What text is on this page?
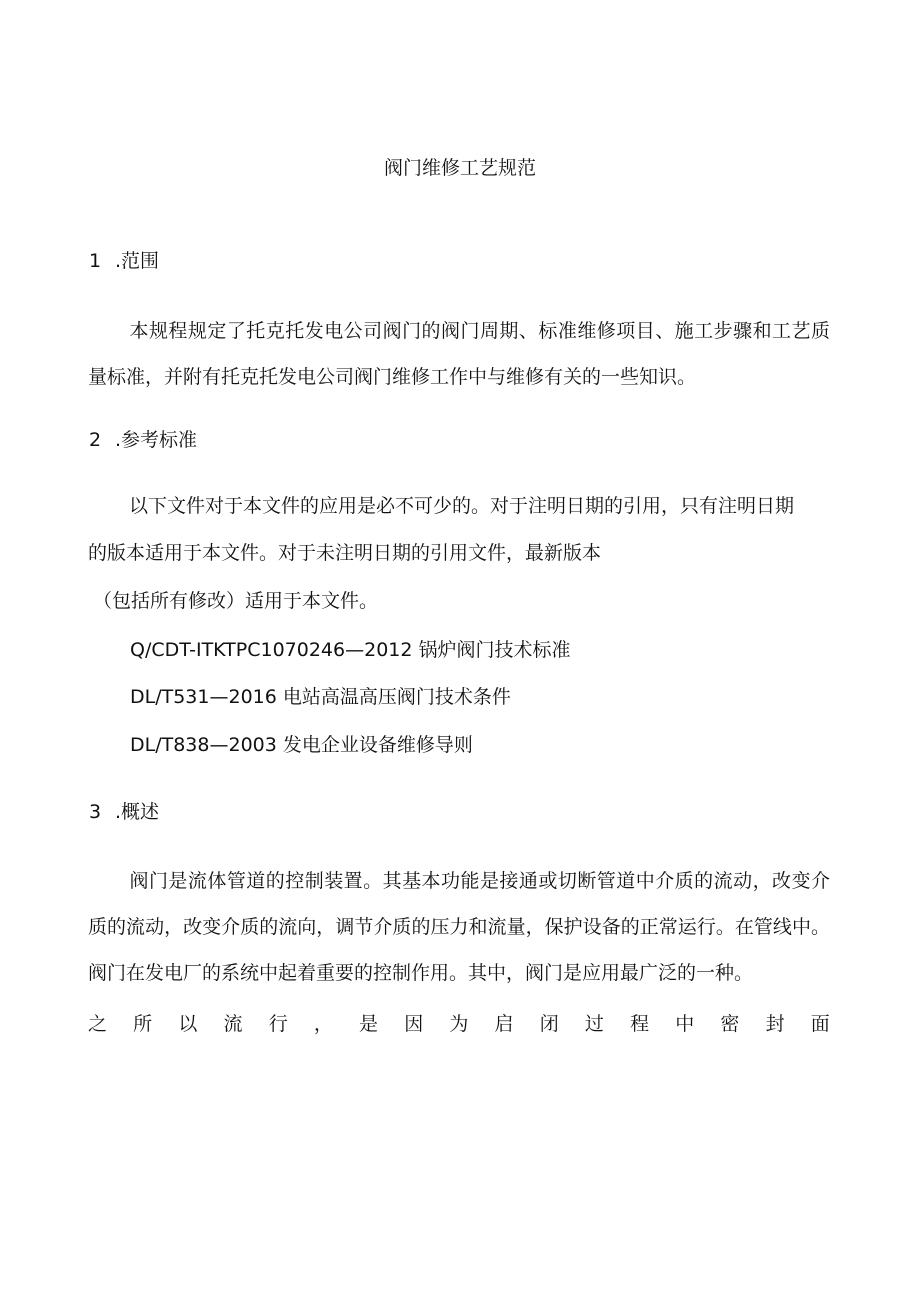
阀门维修工艺规范
1 .范围

本规程规定了托克托发电公司阀门的阀门周期、标准维修项目、施工步骤和工艺质量标准，并附有托克托发电公司阀门维修工作中与维修有关的一些知识。

2 .参考标准

以下文件对于本文件的应用是必不可少的。对于注明日期的引用，只有注明日期

的版本适用于本文件。对于未注明日期的引用文件，最新版本

（包括所有修改）适用于本文件。

Q/CDT-ITKTPC1070246—2012 锅炉阀门技术标准
DL/T531—2016 电站高温高压阀门技术条件
DL/T838—2003 发电企业设备维修导则
3 .概述

阀门是流体管道的控制装置。其基本功能是接通或切断管道中介质的流动，改变介质的流动，改变介质的流向，调节介质的压力和流量，保护设备的正常运行。在管线中。阀门在发电厂的系统中起着重要的控制作用。其中，阀门是应用最广泛的一种。

之 所 以 流 行 ， 是 因 为 启 闭 过 程 中 密 封 面
